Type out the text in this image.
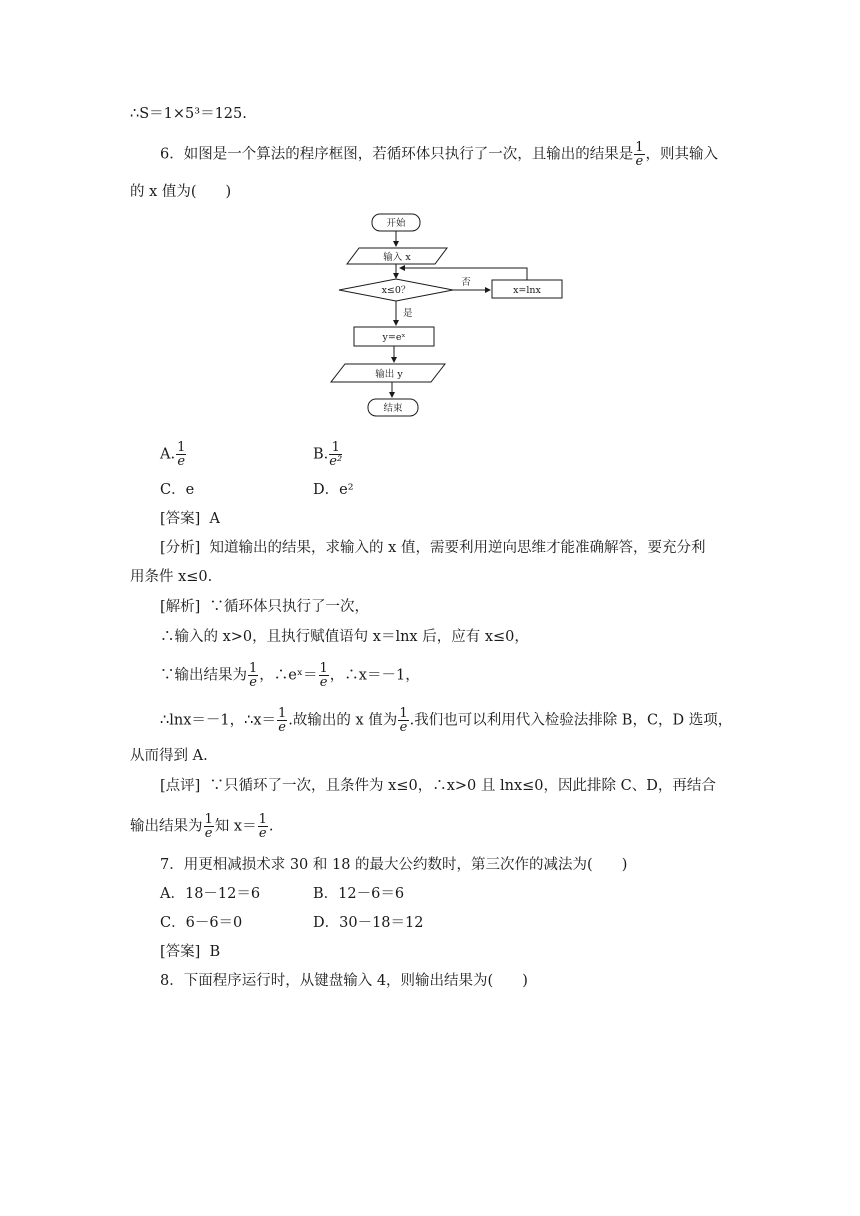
∴S＝1×5³＝125.
6．如图是一个算法的程序框图，若循环体只执行了一次，且输出的结果是 $\frac{1}{e}$ ，则其输入
的 x 值为(　　)
开始
输入 x
x≤0？
否
x=lnx
是
y=eˣ
输出 y
结束
A. $\frac{1}{e}$	B. $\frac{1}{\text{e²}}$
C．e	D．e²
[答案] A
[分析] 知道输出的结果，求输入的 x 值，需要利用逆向思维才能准确解答，要充分利
用条件 x≤0.
[解析] ∵循环体只执行了一次，
∴输入的 x>0，且执行赋值语句 x＝lnx 后，应有 x≤0，
∵输出结果为 $\frac{1}{e}$ ，∴eˣ＝ $\frac{1}{e}$ ，∴x＝－1，
∴lnx＝－1，∴x＝ $\frac{1}{e}$ .故输出的 x 值为 $\frac{1}{e}$ .我们也可以利用代入检验法排除 B，C，D 选项，
从而得到 A.
[点评] ∵只循环了一次，且条件为 x≤0，∴x>0 且 lnx≤0，因此排除 C、D，再结合
输出结果为 $\frac{1}{e}$ 知 $x= \frac{1}{e}$ .
7．用更相减损术求 30 和 18 的最大公约数时，第三次作的减法为(　　)
A．18－12＝6	B．12－6＝6
C．6－6＝0	D．30－18＝12
[答案] B
8．下面程序运行时，从键盘输入 4，则输出结果为(　　)
